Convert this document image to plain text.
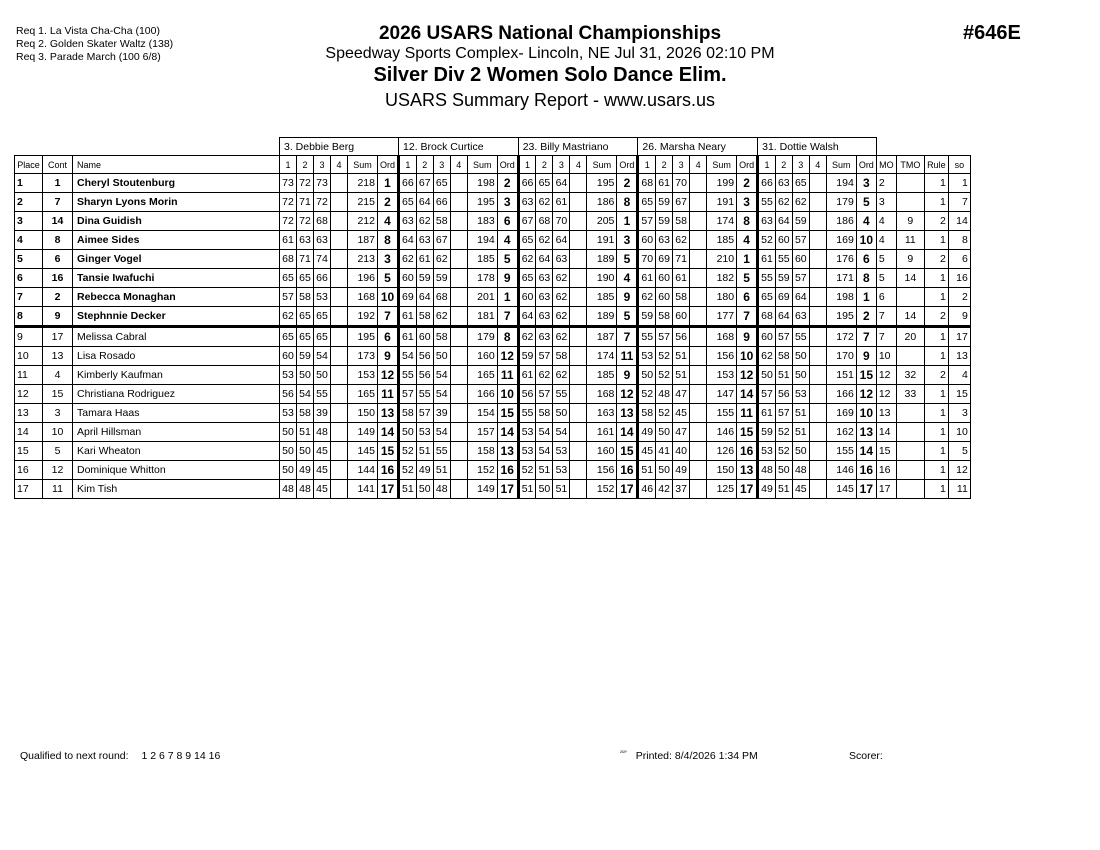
Req 1. La Vista Cha-Cha (100)
Req 2. Golden Skater Waltz (138)
Req 3. Parade March (100 6/8)
2026 USARS National Championships
Speedway Sports Complex- Lincoln, NE Jul 31, 2026 02:10 PM
Silver Div 2 Women Solo Dance Elim.
USARS Summary Report - www.usars.us
#646E
			3. Debbie Berg						12. Brock Curtice						23. Billy Mastriano						26. Marsha Neary						31. Dottie Walsh									
Place	Cont	Name	1	2	3	4	Sum	Ord	1	2	3	4	Sum	Ord	1	2	3	4	Sum	Ord	1	2	3	4	Sum	Ord	1	2	3	4	Sum	Ord	MO	TMO	Rule	so
1	1	Cheryl Stoutenburg	73	72	73		218	1	66	67	65		198	2	66	65	64		195	2	68	61	70		199	2	66	63	65		194	3	2		1	1
2	7	Sharyn Lyons Morin	72	71	72		215	2	65	64	66		195	3	63	62	61		186	8	65	59	67		191	3	55	62	62		179	5	3		1	7
3	14	Dina Guidish	72	72	68		212	4	63	62	58		183	6	67	68	70		205	1	57	59	58		174	8	63	64	59		186	4	4	9	2	14
4	8	Aimee Sides	61	63	63		187	8	64	63	67		194	4	65	62	64		191	3	60	63	62		185	4	52	60	57		169	10	4	11	1	8
5	6	Ginger Vogel	68	71	74		213	3	62	61	62		185	5	62	64	63		189	5	70	69	71		210	1	61	55	60		176	6	5	9	2	6
6	16	Tansie Iwafuchi	65	65	66		196	5	60	59	59		178	9	65	63	62		190	4	61	60	61		182	5	55	59	57		171	8	5	14	1	16
7	2	Rebecca Monaghan	57	58	53		168	10	69	64	68		201	1	60	63	62		185	9	62	60	58		180	6	65	69	64		198	1	6		1	2
8	9	Stephnnie Decker	62	65	65		192	7	61	58	62		181	7	64	63	62		189	5	59	58	60		177	7	68	64	63		195	2	7	14	2	9
9	17	Melissa Cabral	65	65	65		195	6	61	60	58		179	8	62	63	62		187	7	55	57	56		168	9	60	57	55		172	7	7	20	1	17
10	13	Lisa Rosado	60	59	54		173	9	54	56	50		160	12	59	57	58		174	11	53	52	51		156	10	62	58	50		170	9	10		1	13
11	4	Kimberly Kaufman	53	50	50		153	12	55	56	54		165	11	61	62	62		185	9	50	52	51		153	12	50	51	50		151	15	12	32	2	4
12	15	Christiana Rodriguez	56	54	55		165	11	57	55	54		166	10	56	57	55		168	12	52	48	47		147	14	57	56	53		166	12	12	33	1	15
13	3	Tamara Haas	53	58	39		150	13	58	57	39		154	15	55	58	50		163	13	58	52	45		155	11	61	57	51		169	10	13		1	3
14	10	April Hillsman	50	51	48		149	14	50	53	54		157	14	53	54	54		161	14	49	50	47		146	15	59	52	51		162	13	14		1	10
15	5	Kari Wheaton	50	50	45		145	15	52	51	55		158	13	53	54	53		160	15	45	41	40		126	16	53	52	50		155	14	15		1	5
16	12	Dominique Whitton	50	49	45		144	16	52	49	51		152	16	52	51	53		156	16	51	50	49		150	13	48	50	48		146	16	16		1	12
17	11	Kim Tish	48	48	45		141	17	51	50	48		149	17	51	50	51		152	17	46	42	37		125	17	49	51	45		145	17	17		1	11
Qualified to next round: 1 2 6 7 8 9 14 16	$^{^{232}º}$ Printed: 8/4/2026 1:34 PM	Scorer:
